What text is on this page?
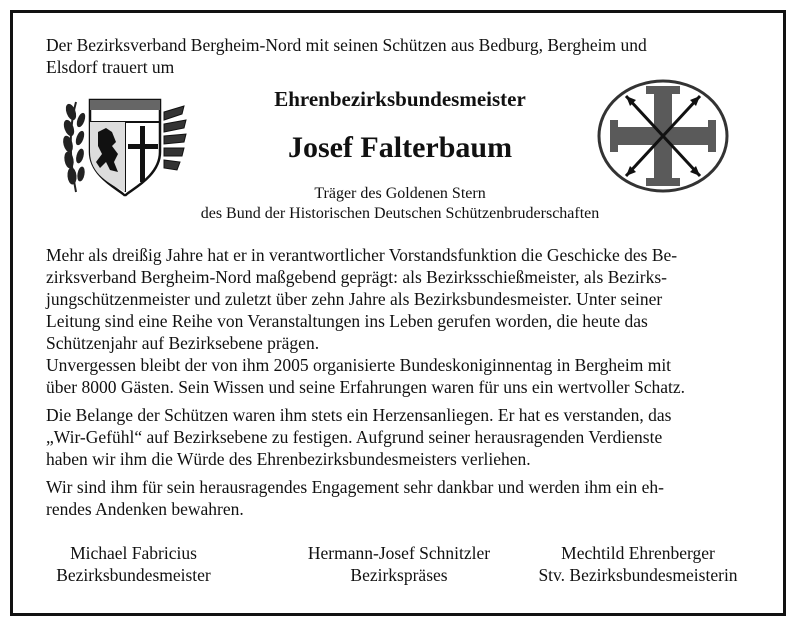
Der Bezirksverband Bergheim-Nord mit seinen Schützen aus Bedburg, Bergheim und
Elsdorf trauert um
Ehrenbezirksbundesmeister
Josef Falterbaum
Träger des Goldenen Stern
des Bund der Historischen Deutschen Schützenbruderschaften
Mehr als dreißig Jahre hat er in verantwortlicher Vorstandsfunktion die Geschicke des Be-
zirksverband Bergheim-Nord maßgebend geprägt: als Bezirksschießmeister, als Bezirks-
jungschützenmeister und zuletzt über zehn Jahre als Bezirksbundesmeister. Unter seiner
Leitung sind eine Reihe von Veranstaltungen ins Leben gerufen worden, die heute das
Schützenjahr auf Bezirksebene prägen.
Unvergessen bleibt der von ihm 2005 organisierte Bundeskoniginnentag in Bergheim mit
über 8000 Gästen. Sein Wissen und seine Erfahrungen waren für uns ein wertvoller Schatz.
Die Belange der Schützen waren ihm stets ein Herzensanliegen. Er hat es verstanden, das
„Wir-Gefühl“ auf Bezirksebene zu festigen. Aufgrund seiner herausragenden Verdienste
haben wir ihm die Würde des Ehrenbezirksbundesmeisters verliehen.
Wir sind ihm für sein herausragendes Engagement sehr dankbar und werden ihm ein eh-
rendes Andenken bewahren.
Michael Fabricius
Bezirksbundesmeister
Hermann-Josef Schnitzler
Bezirkspräses
Mechtild Ehrenberger
Stv. Bezirksbundesmeisterin
